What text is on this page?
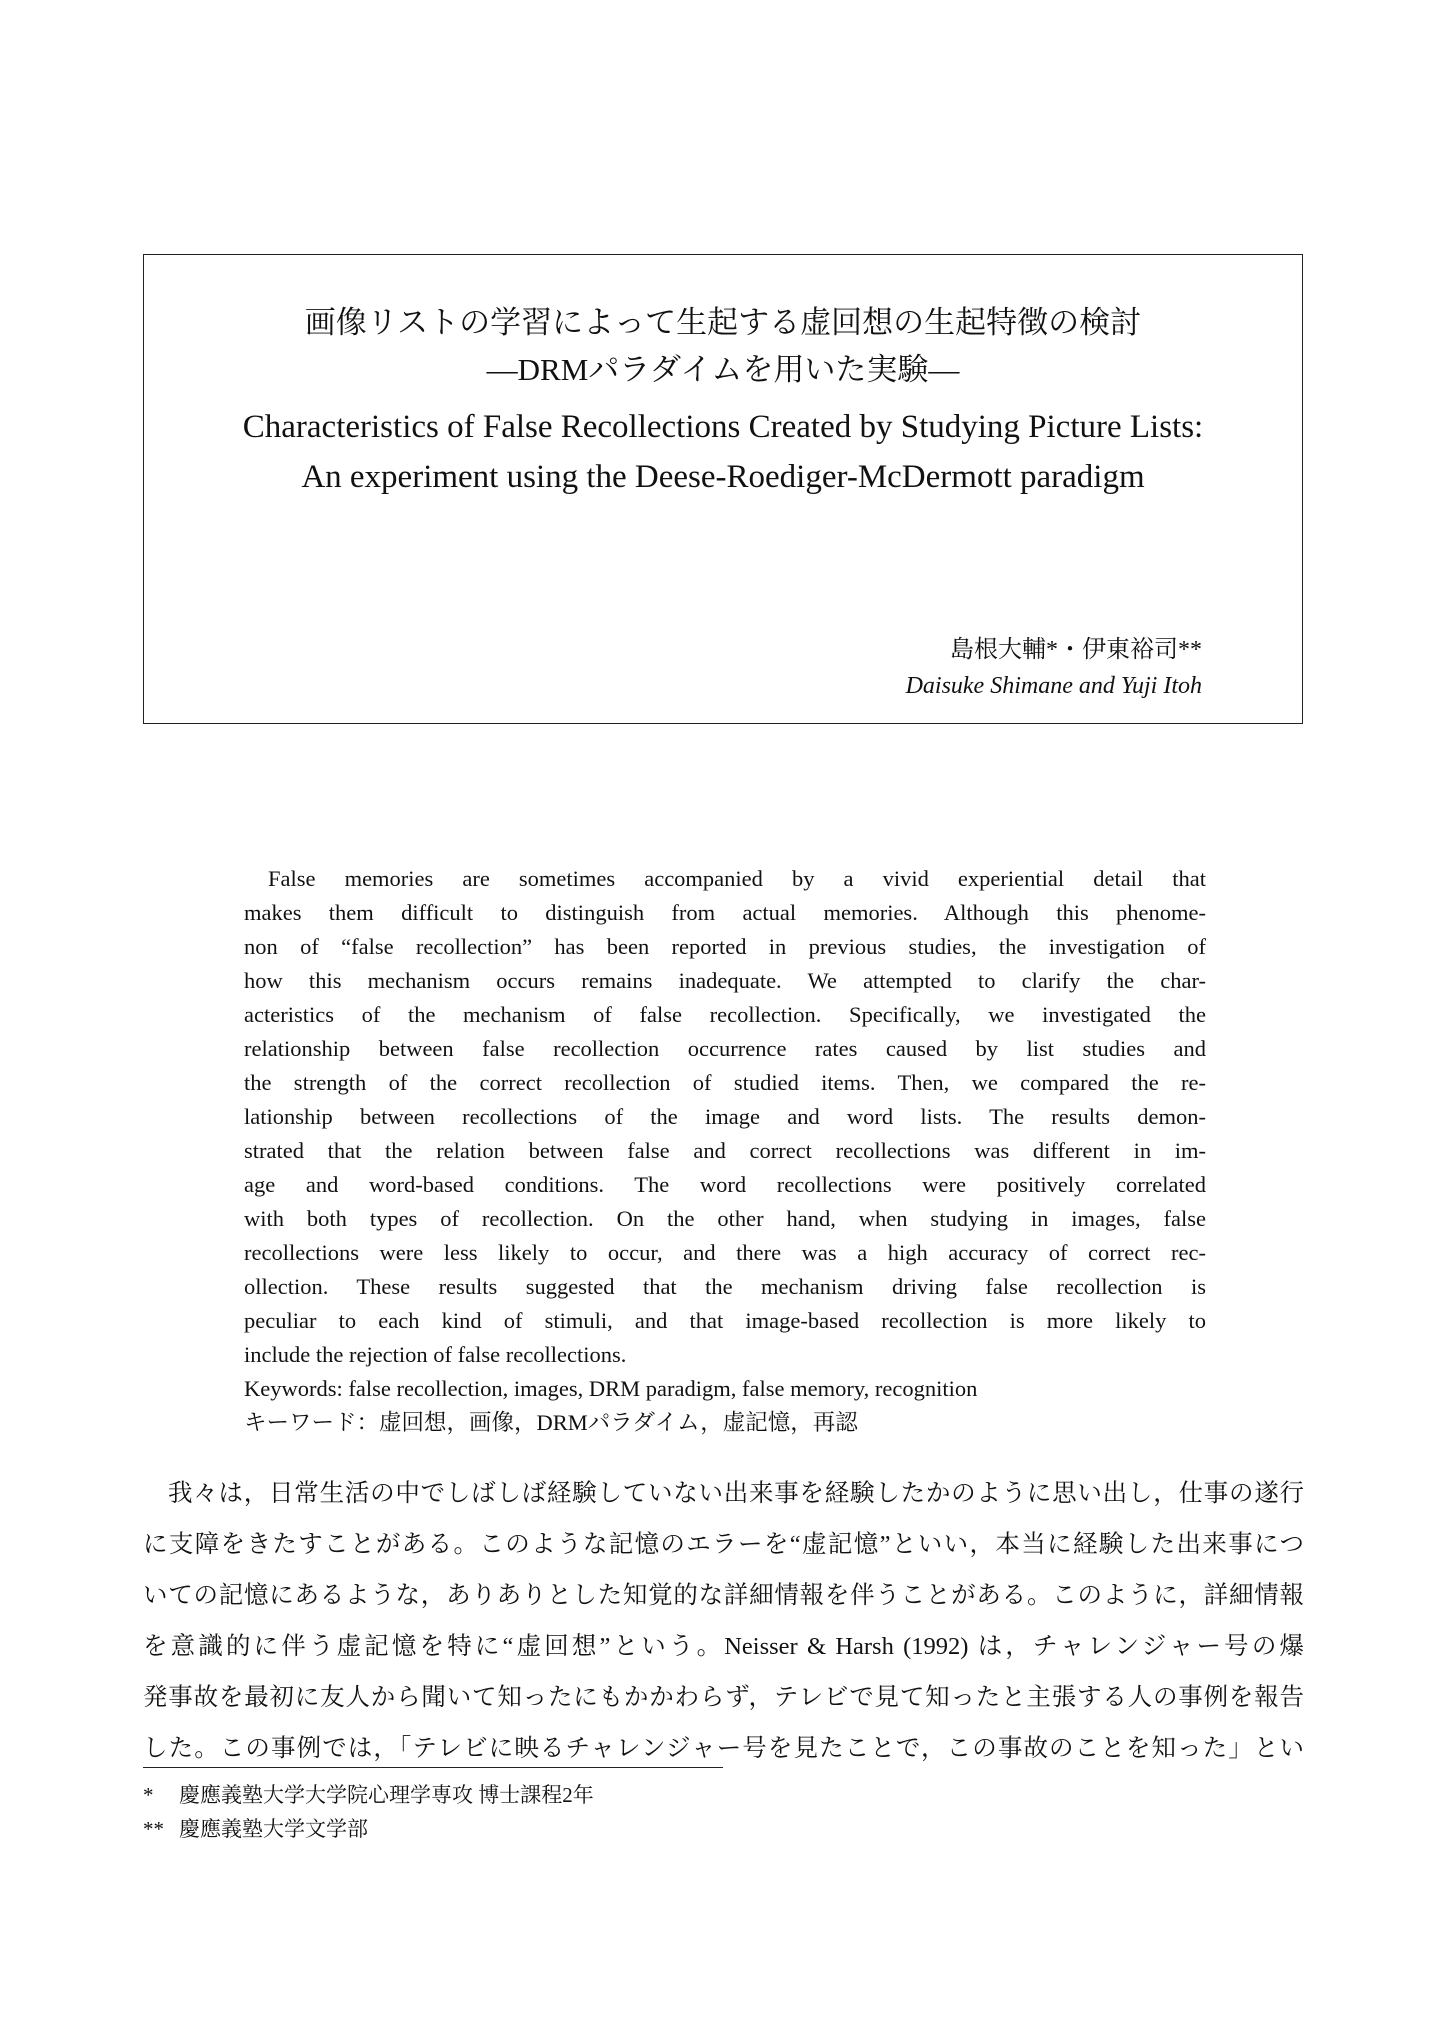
画像リストの学習によって生起する虚回想の生起特徴の検討
—DRMパラダイムを用いた実験—
Characteristics of False Recollections Created by Studying Picture Lists:
An experiment using the Deese-Roediger-McDermott paradigm
島根大輔*・伊東裕司**
Daisuke Shimane and Yuji Itoh
False memories are sometimes accompanied by a vivid experiential detail that
makes them difficult to distinguish from actual memories. Although this phenome-
non of “false recollection” has been reported in previous studies, the investigation of
how this mechanism occurs remains inadequate. We attempted to clarify the char-
acteristics of the mechanism of false recollection. Specifically, we investigated the
relationship between false recollection occurrence rates caused by list studies and
the strength of the correct recollection of studied items. Then, we compared the re-
lationship between recollections of the image and word lists. The results demon-
strated that the relation between false and correct recollections was different in im-
age and word-based conditions. The word recollections were positively correlated
with both types of recollection. On the other hand, when studying in images, false
recollections were less likely to occur, and there was a high accuracy of correct rec-
ollection. These results suggested that the mechanism driving false recollection is
peculiar to each kind of stimuli, and that image-based recollection is more likely to
include the rejection of false recollections.
Keywords: false recollection, images, DRM paradigm, false memory, recognition
キーワード：虚回想，画像，DRMパラダイム，虚記憶，再認
我々は，日常生活の中でしばしば経験していない出来事を経験したかのように思い出し，仕事の遂行
に支障をきたすことがある。このような記憶のエラーを“虚記憶”といい，本当に経験した出来事につ
いての記憶にあるような，ありありとした知覚的な詳細情報を伴うことがある。このように，詳細情報
を意識的に伴う虚記憶を特に“虚回想”という。Neisser & Harsh (1992) は，チャレンジャー号の爆
発事故を最初に友人から聞いて知ったにもかかわらず，テレビで見て知ったと主張する人の事例を報告
した。この事例では，「テレビに映るチャレンジャー号を見たことで，この事故のことを知った」とい
* 慶應義塾大学大学院心理学専攻 博士課程2年
** 慶應義塾大学文学部
